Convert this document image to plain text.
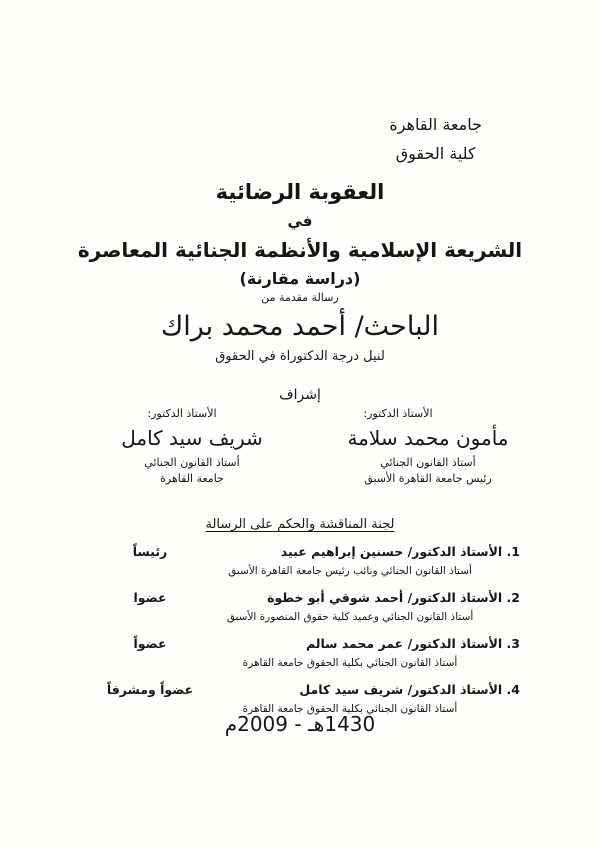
جامعة القاهرة
كلية الحقوق
العقوبة الرضائية
في
الشريعة الإسلامية والأنظمة الجنائية المعاصرة
(دراسة مقارنة)
رسالة مقدمة من
الباحث/ أحمد محمد براك
لنيل درجة الدكتوراة في الحقوق
إشراف
الأستاذ الدكتور:
مأمون محمد سلامة
أستاذ القانون الجنائي
رئيس جامعة القاهرة الأسبق
الأستاذ الدكتور:
شريف سيد كامل
أستاذ القانون الجنائي
جامعة القاهرة
لجنة المناقشة والحكم على الرسالة
1. الأستاذ الدكتور/ حسنين إبراهيم عبيد
رئيساً
أستاذ القانون الجنائي ونائب رئيس جامعة القاهرة الأسبق
2. الأستاذ الدكتور/ أحمد شوقي أبو خطوة
عضوا
أستاذ القانون الجنائي وعميد كلية حقوق المنصورة الأسبق
3. الأستاذ الدكتور/ عمر محمد سالم
عضواً
أستاذ القانون الجنائي بكلية الحقوق جامعة القاهرة
4. الأستاذ الدكتور/ شريف سيد كامل
عضواً ومشرفاً
أستاذ القانون الجنائي بكلية الحقوق جامعة القاهرة
1430هـ - 2009م
